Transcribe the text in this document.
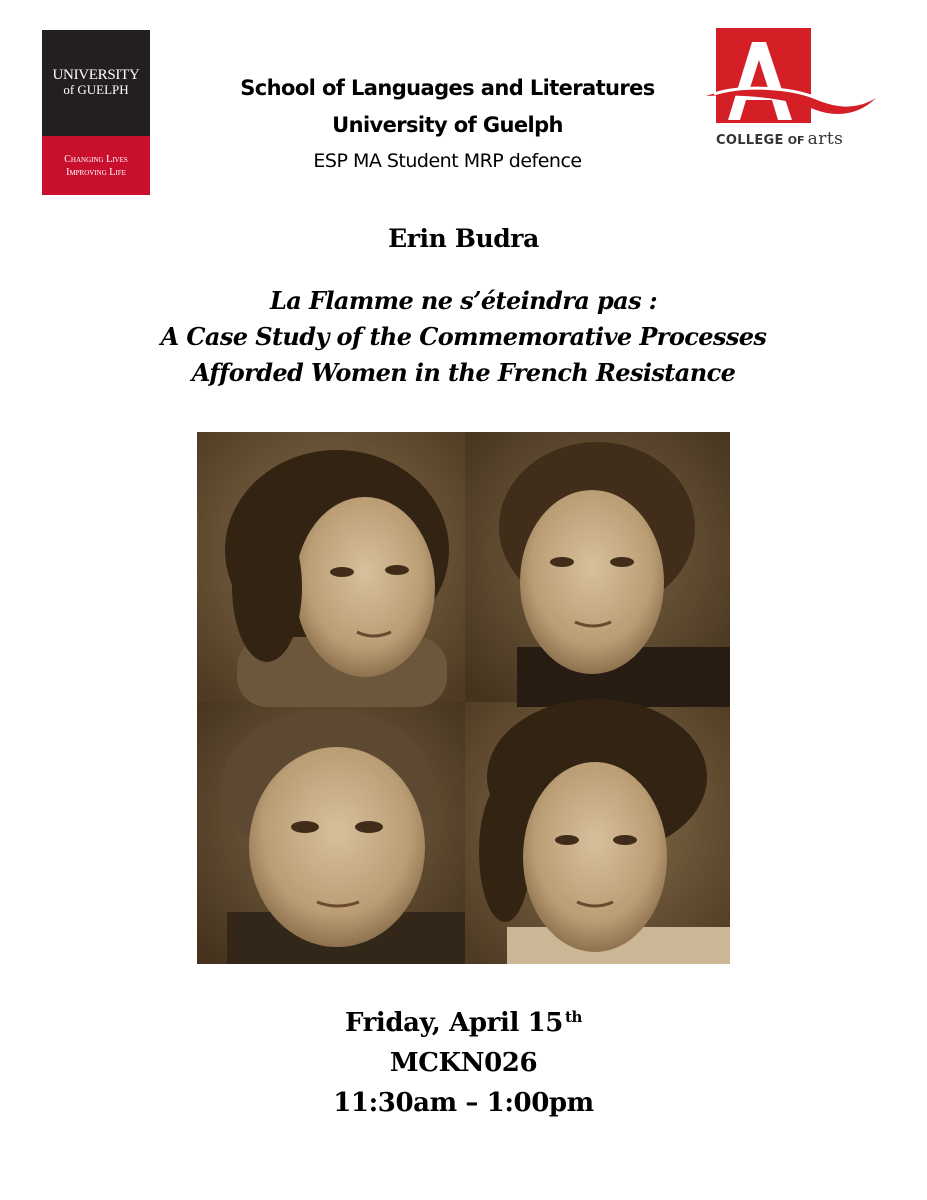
UNIVERSITY
of GUELPH
Changing Lives
Improving Life
School of Languages and Literatures
University of Guelph
ESP MA Student MRP defence
COLLEGE OF arts
Erin Budra
La Flamme ne s’éteindra pas :
A Case Study of the Commemorative Processes
Afforded Women in the French Resistance
Friday, April 15 $^{th}$
MCKN026
11:30am – 1:00pm
